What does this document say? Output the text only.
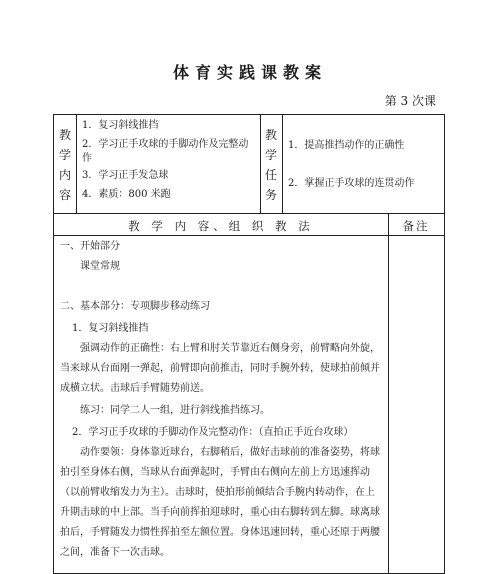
体育实践课教案
第 3 次课
教学内容
1．复习斜线推挡
2．学习正手攻球的手脚动作及完整动作
3．学习正手发急球
4．素质：800 米跑
教学任务
1．提高推挡动作的正确性
2．掌握正手攻球的连贯动作
教 学 内 容、组 织 教 法	备注

一、开始部分

课堂常规

二、基本部分：专项脚步移动练习

1．复习斜线推挡

强调动作的正确性：右上臂和肘关节靠近右侧身旁，前臂略向外旋，当来球从台面刚一弹起，前臂即向前推击，同时手腕外转，使球拍前倾并成横立状。击球后手臂随势前送。

练习：同学二人一组，进行斜线推挡练习。

2．学习正手攻球的手脚动作及完整动作：（直拍正手近台攻球）

动作要领：身体靠近球台，右脚稍后，做好击球前的准备姿势，将球拍引至身体右侧，当球从台面弹起时，手臂由右侧向左前上方迅速挥动（以前臂收缩发力为主）。击球时，使拍形前倾结合手腕内转动作，在上升期击球的中上部。当手向前挥拍迎球时，重心由右脚转到左脚。球离球拍后，手臂随发力惯性挥拍至左额位置。身体迅速回转，重心还原于两腰之间，准备下一次击球。
